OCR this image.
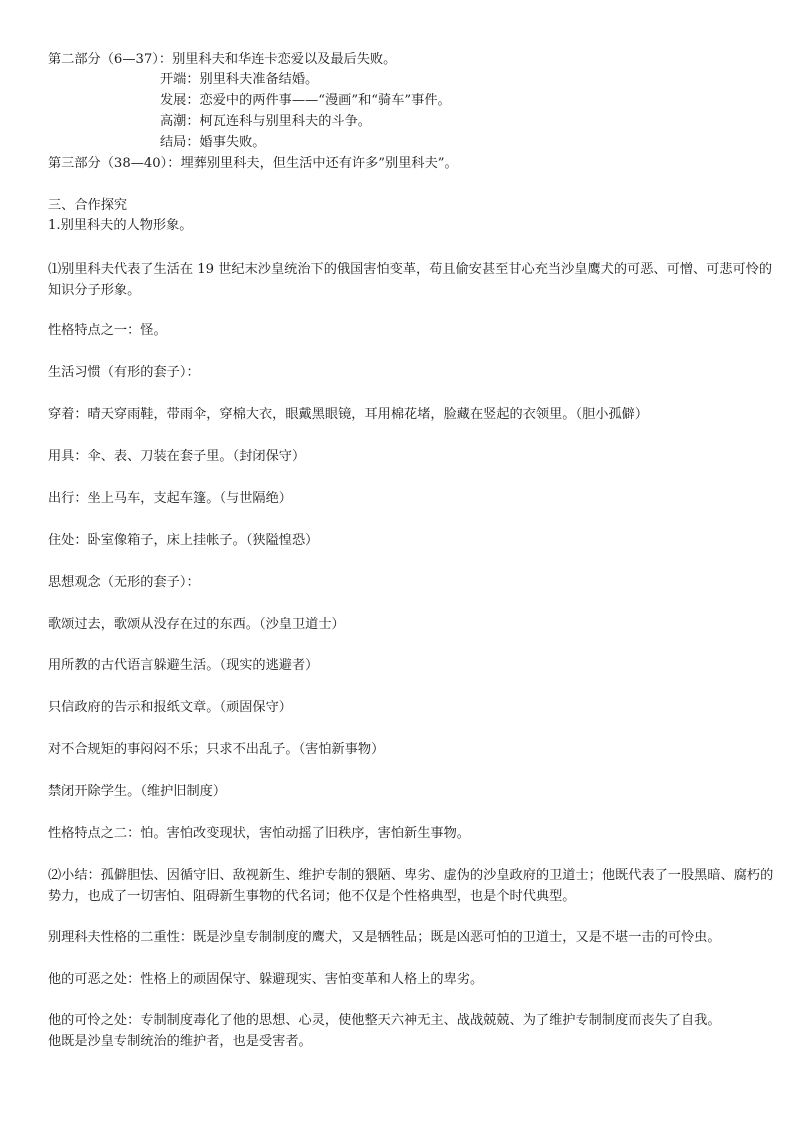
第二部分（6—37）：别里科夫和华连卡恋爱以及最后失败。
开端：别里科夫准备结婚。
发展：恋爱中的两件事——“漫画”和“骑车”事件。
高潮：柯瓦连科与别里科夫的斗争。
结局：婚事失败。
第三部分（38—40）：埋葬别里科夫，但生活中还有许多”别里科夫”。
三、合作探究
1.别里科夫的人物形象。
⑴别里科夫代表了生活在 19 世纪末沙皇统治下的俄国害怕变革，苟且偷安甚至甘心充当沙皇鹰犬的可恶、可憎、可悲可怜的知识分子形象。
性格特点之一：怪。
生活习惯（有形的套子）：
穿着：晴天穿雨鞋，带雨伞，穿棉大衣，眼戴黑眼镜，耳用棉花堵，脸藏在竖起的衣领里。（胆小孤僻）
用具：伞、表、刀装在套子里。（封闭保守）
出行：坐上马车，支起车篷。（与世隔绝）
住处：卧室像箱子，床上挂帐子。（狭隘惶恐）
思想观念（无形的套子）：
歌颂过去，歌颂从没存在过的东西。（沙皇卫道士）
用所教的古代语言躲避生活。（现实的逃避者）
只信政府的告示和报纸文章。（顽固保守）
对不合规矩的事闷闷不乐；只求不出乱子。（害怕新事物）
禁闭开除学生。（维护旧制度）
性格特点之二：怕。害怕改变现状，害怕动摇了旧秩序，害怕新生事物。
⑵小结：孤僻胆怯、因循守旧、敌视新生、维护专制的猥陋、卑劣、虚伪的沙皇政府的卫道士；他既代表了一股黑暗、腐朽的势力，也成了一切害怕、阻碍新生事物的代名词；他不仅是个性格典型，也是个时代典型。
别理科夫性格的二重性：既是沙皇专制制度的鹰犬，又是牺牲品；既是凶恶可怕的卫道士，又是不堪一击的可怜虫。
他的可恶之处：性格上的顽固保守、躲避现实、害怕变革和人格上的卑劣。
他的可怜之处：专制制度毒化了他的思想、心灵，使他整天六神无主、战战兢兢、为了维护专制制度而丧失了自我。
他既是沙皇专制统治的维护者，也是受害者。
